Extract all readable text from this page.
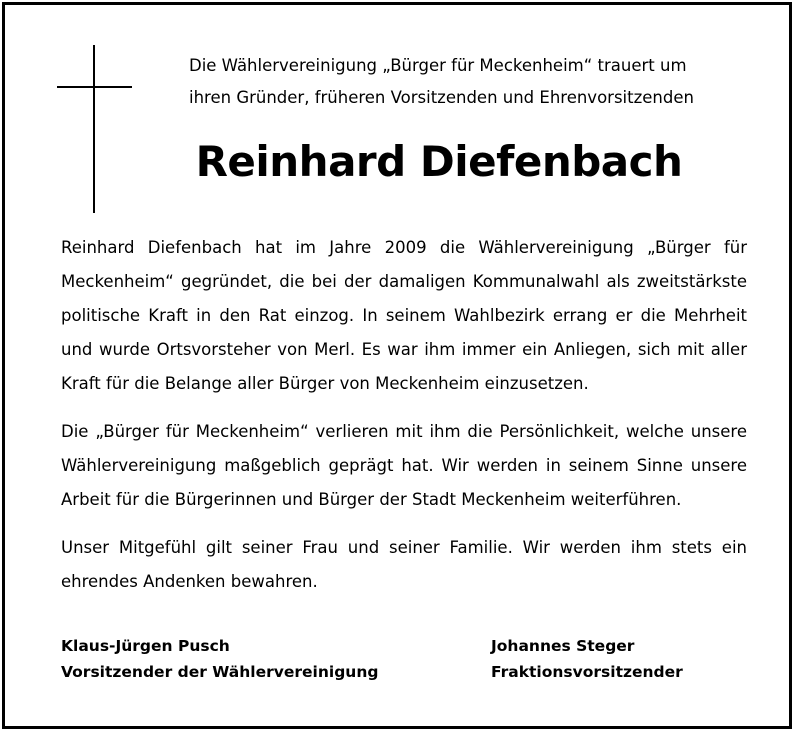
Die Wählervereinigung „Bürger für Meckenheim“ trauert um
ihren Gründer, früheren Vorsitzenden und Ehrenvorsitzenden
Reinhard Diefenbach
Reinhard Diefenbach hat im Jahre 2009 die Wählervereinigung „Bürger für
Meckenheim“ gegründet, die bei der damaligen Kommunalwahl als zweitstärkste
politische Kraft in den Rat einzog. In seinem Wahlbezirk errang er die Mehrheit
und wurde Ortsvorsteher von Merl. Es war ihm immer ein Anliegen, sich mit aller
Kraft für die Belange aller Bürger von Meckenheim einzusetzen.
Die „Bürger für Meckenheim“ verlieren mit ihm die Persönlichkeit, welche unsere
Wählervereinigung maßgeblich geprägt hat. Wir werden in seinem Sinne unsere
Arbeit für die Bürgerinnen und Bürger der Stadt Meckenheim weiterführen.
Unser Mitgefühl gilt seiner Frau und seiner Familie. Wir werden ihm stets ein
ehrendes Andenken bewahren.
Klaus-Jürgen Pusch
Vorsitzender der Wählervereinigung
Johannes Steger
Fraktionsvorsitzender
